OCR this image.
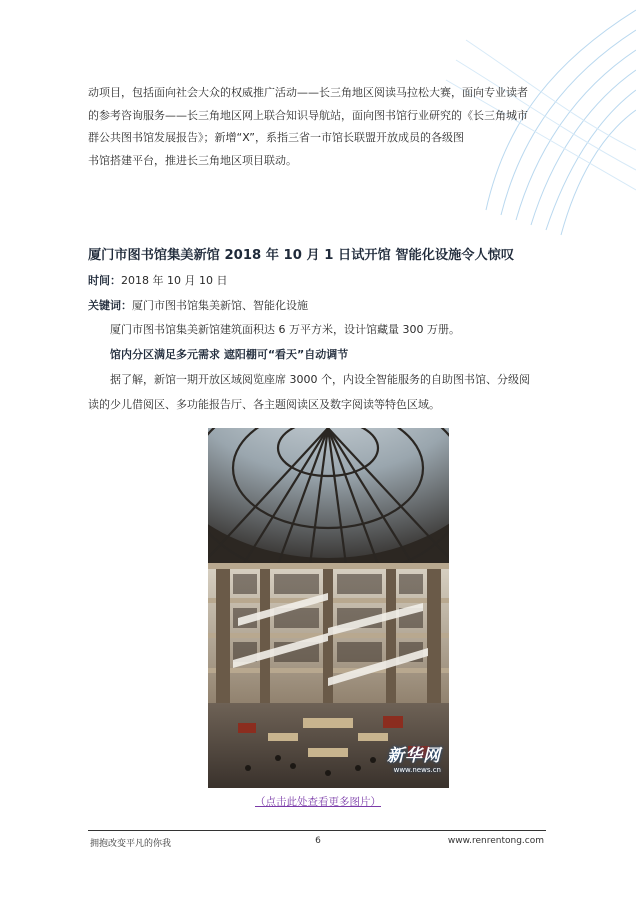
动项目，包括面向社会大众的权威推广活动——长三角地区阅读马拉松大赛，面向专业读者

的参考咨询服务——长三角地区网上联合知识导航站，面向图书馆行业研究的《长三角城市

群公共图书馆发展报告》；新增“X”，系指三省一市馆长联盟开放成员的各级图

书馆搭建平台，推进长三角地区项目联动。

厦门市图书馆集美新馆 2018 年 10 月 1 日试开馆 智能化设施令人惊叹

时间：2018 年 10 月 10 日

关键词：厦门市图书馆集美新馆、智能化设施

厦门市图书馆集美新馆建筑面积达 6 万平方米，设计馆藏量 300 万册。

馆内分区满足多元需求 遮阳棚可“看天”自动调节

据了解，新馆一期开放区域阅览座席 3000 个，内设全智能服务的自助图书馆、分级阅

读的少儿借阅区、多功能报告厅、各主题阅读区及数字阅读等特色区域。

新华网
www.news.cn
（点击此处查看更多图片）
拥抱改变平凡的你我	6	www.renrentong.com
